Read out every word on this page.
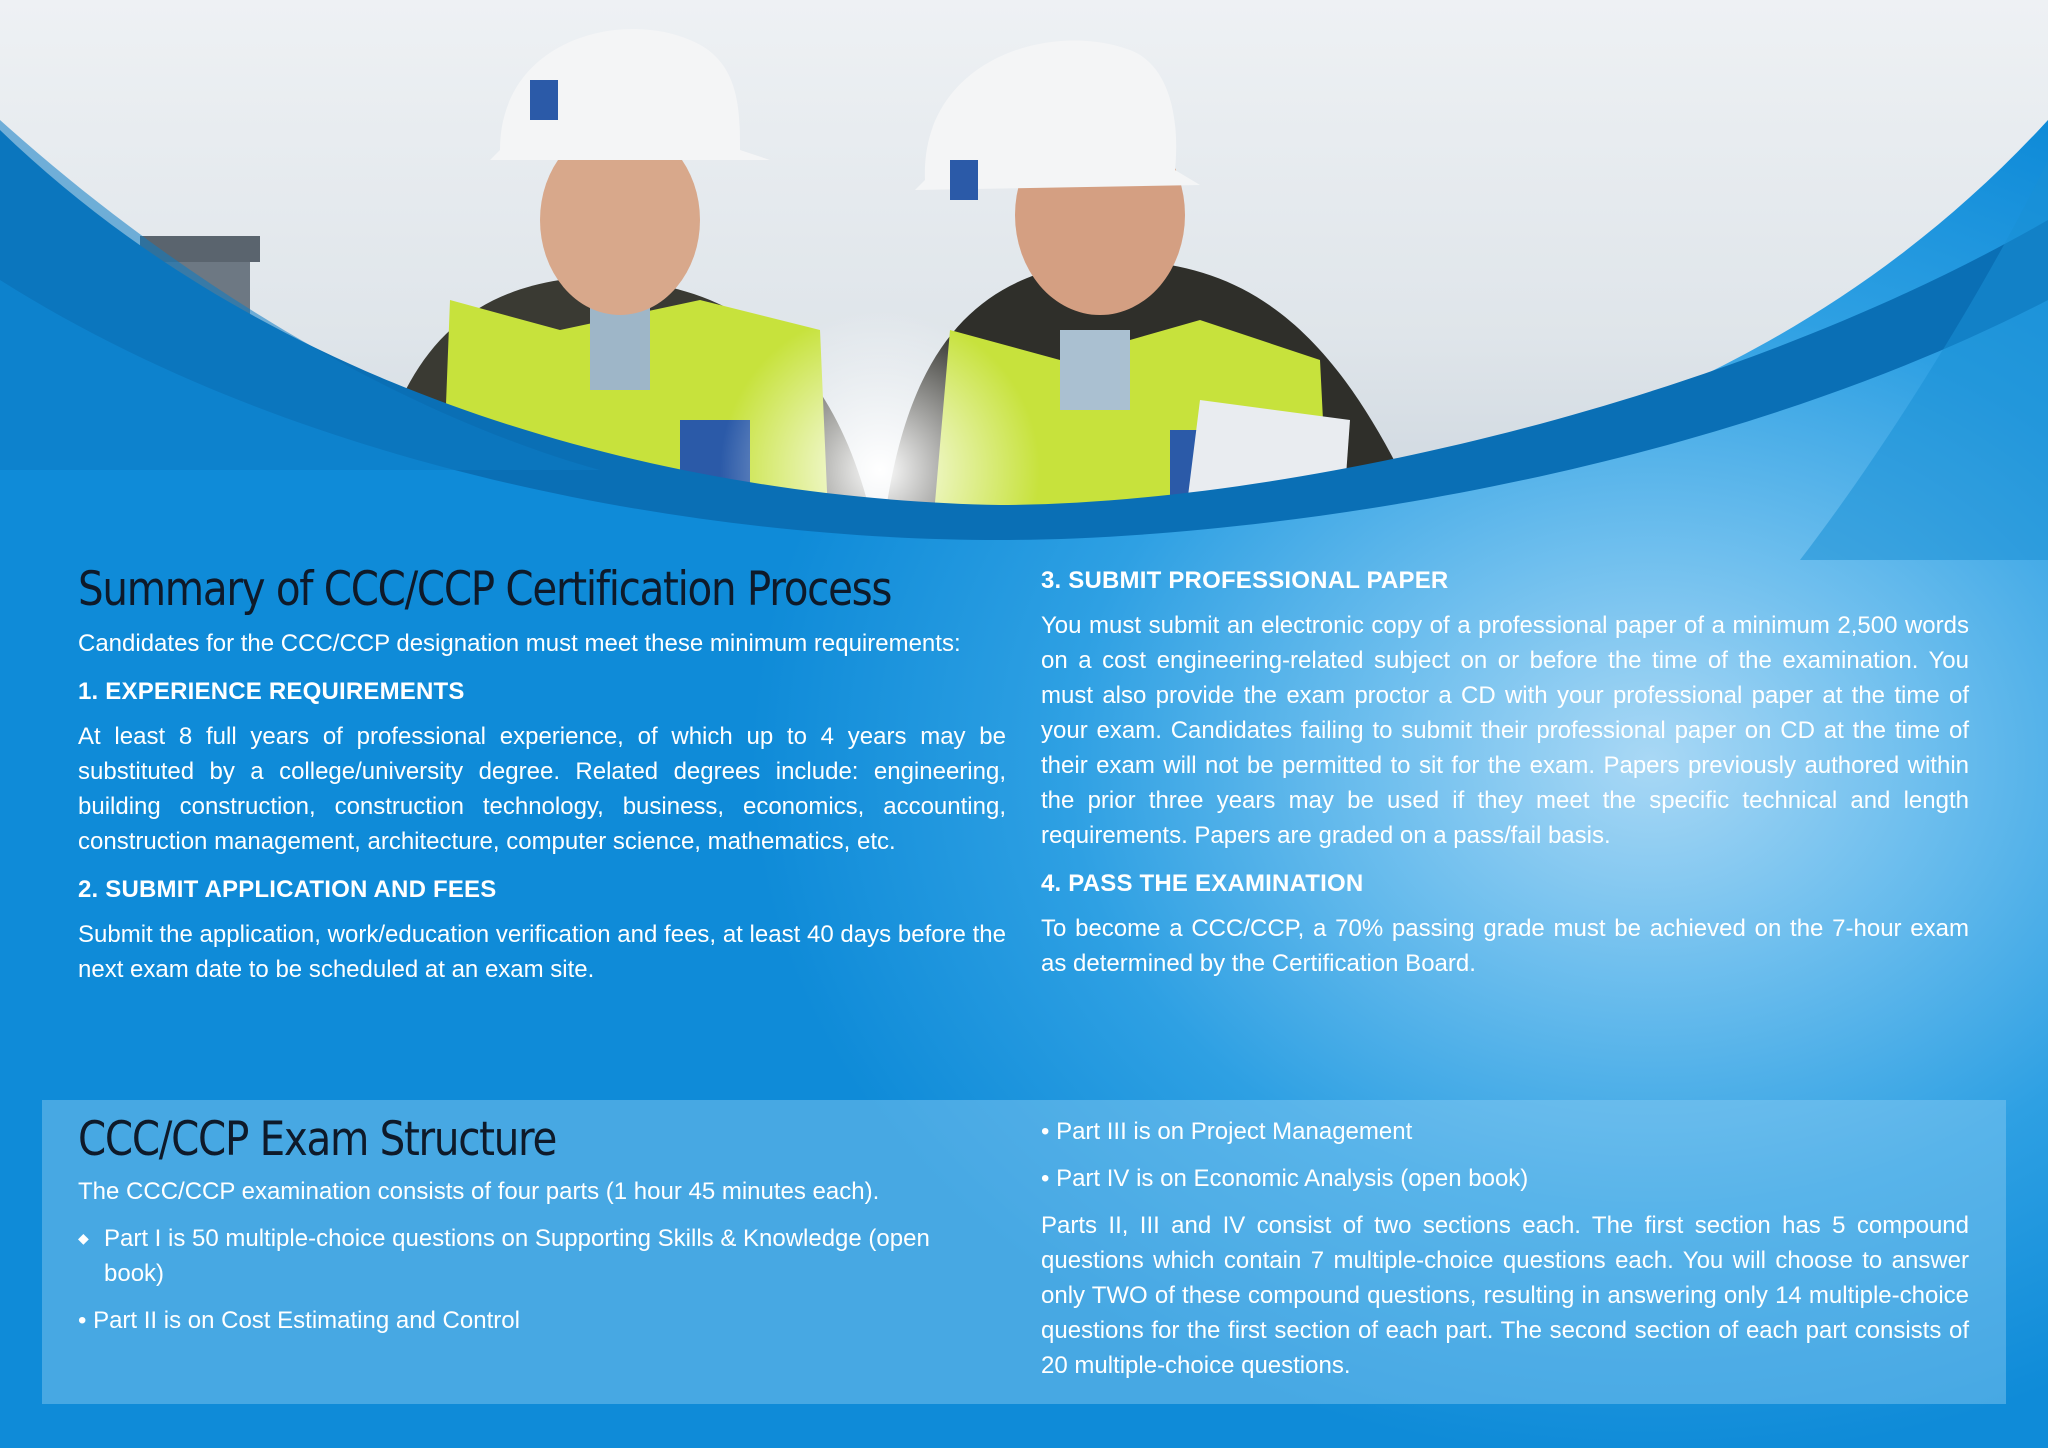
Summary of CCC/CCP Certification Process
Candidates for the CCC/CCP designation must meet these minimum requirements:
1. EXPERIENCE REQUIREMENTS
At least 8 full years of professional experience, of which up to 4 years may be substituted by a college/university degree. Related degrees include: engineering, building construction, construction technology, business, economics, accounting, construction management, architecture, computer science, mathematics, etc.
2. SUBMIT APPLICATION AND FEES
Submit the application, work/education verification and fees, at least 40 days before the next exam date to be scheduled at an exam site.
3. SUBMIT PROFESSIONAL PAPER
You must submit an electronic copy of a professional paper of a minimum 2,500 words on a cost engineering-related subject on or before the time of the examination. You must also provide the exam proctor a CD with your professional paper at the time of your exam. Candidates failing to submit their professional paper on CD at the time of their exam will not be permitted to sit for the exam. Papers previously authored within the prior three years may be used if they meet the specific technical and length requirements. Papers are graded on a pass/fail basis.
4. PASS THE EXAMINATION
To become a CCC/CCP, a 70% passing grade must be achieved on the 7-hour exam as determined by the Certification Board.
CCC/CCP Exam Structure
The CCC/CCP examination consists of four parts (1 hour 45 minutes each).
◆ Part I is 50 multiple-choice questions on Supporting Skills & Knowledge (open book)
• Part II is on Cost Estimating and Control
• Part III is on Project Management
• Part IV is on Economic Analysis (open book)
Parts II, III and IV consist of two sections each. The first section has 5 compound questions which contain 7 multiple-choice questions each. You will choose to answer only TWO of these compound questions, resulting in answering only 14 multiple-choice questions for the first section of each part. The second section of each part consists of 20 multiple-choice questions.
